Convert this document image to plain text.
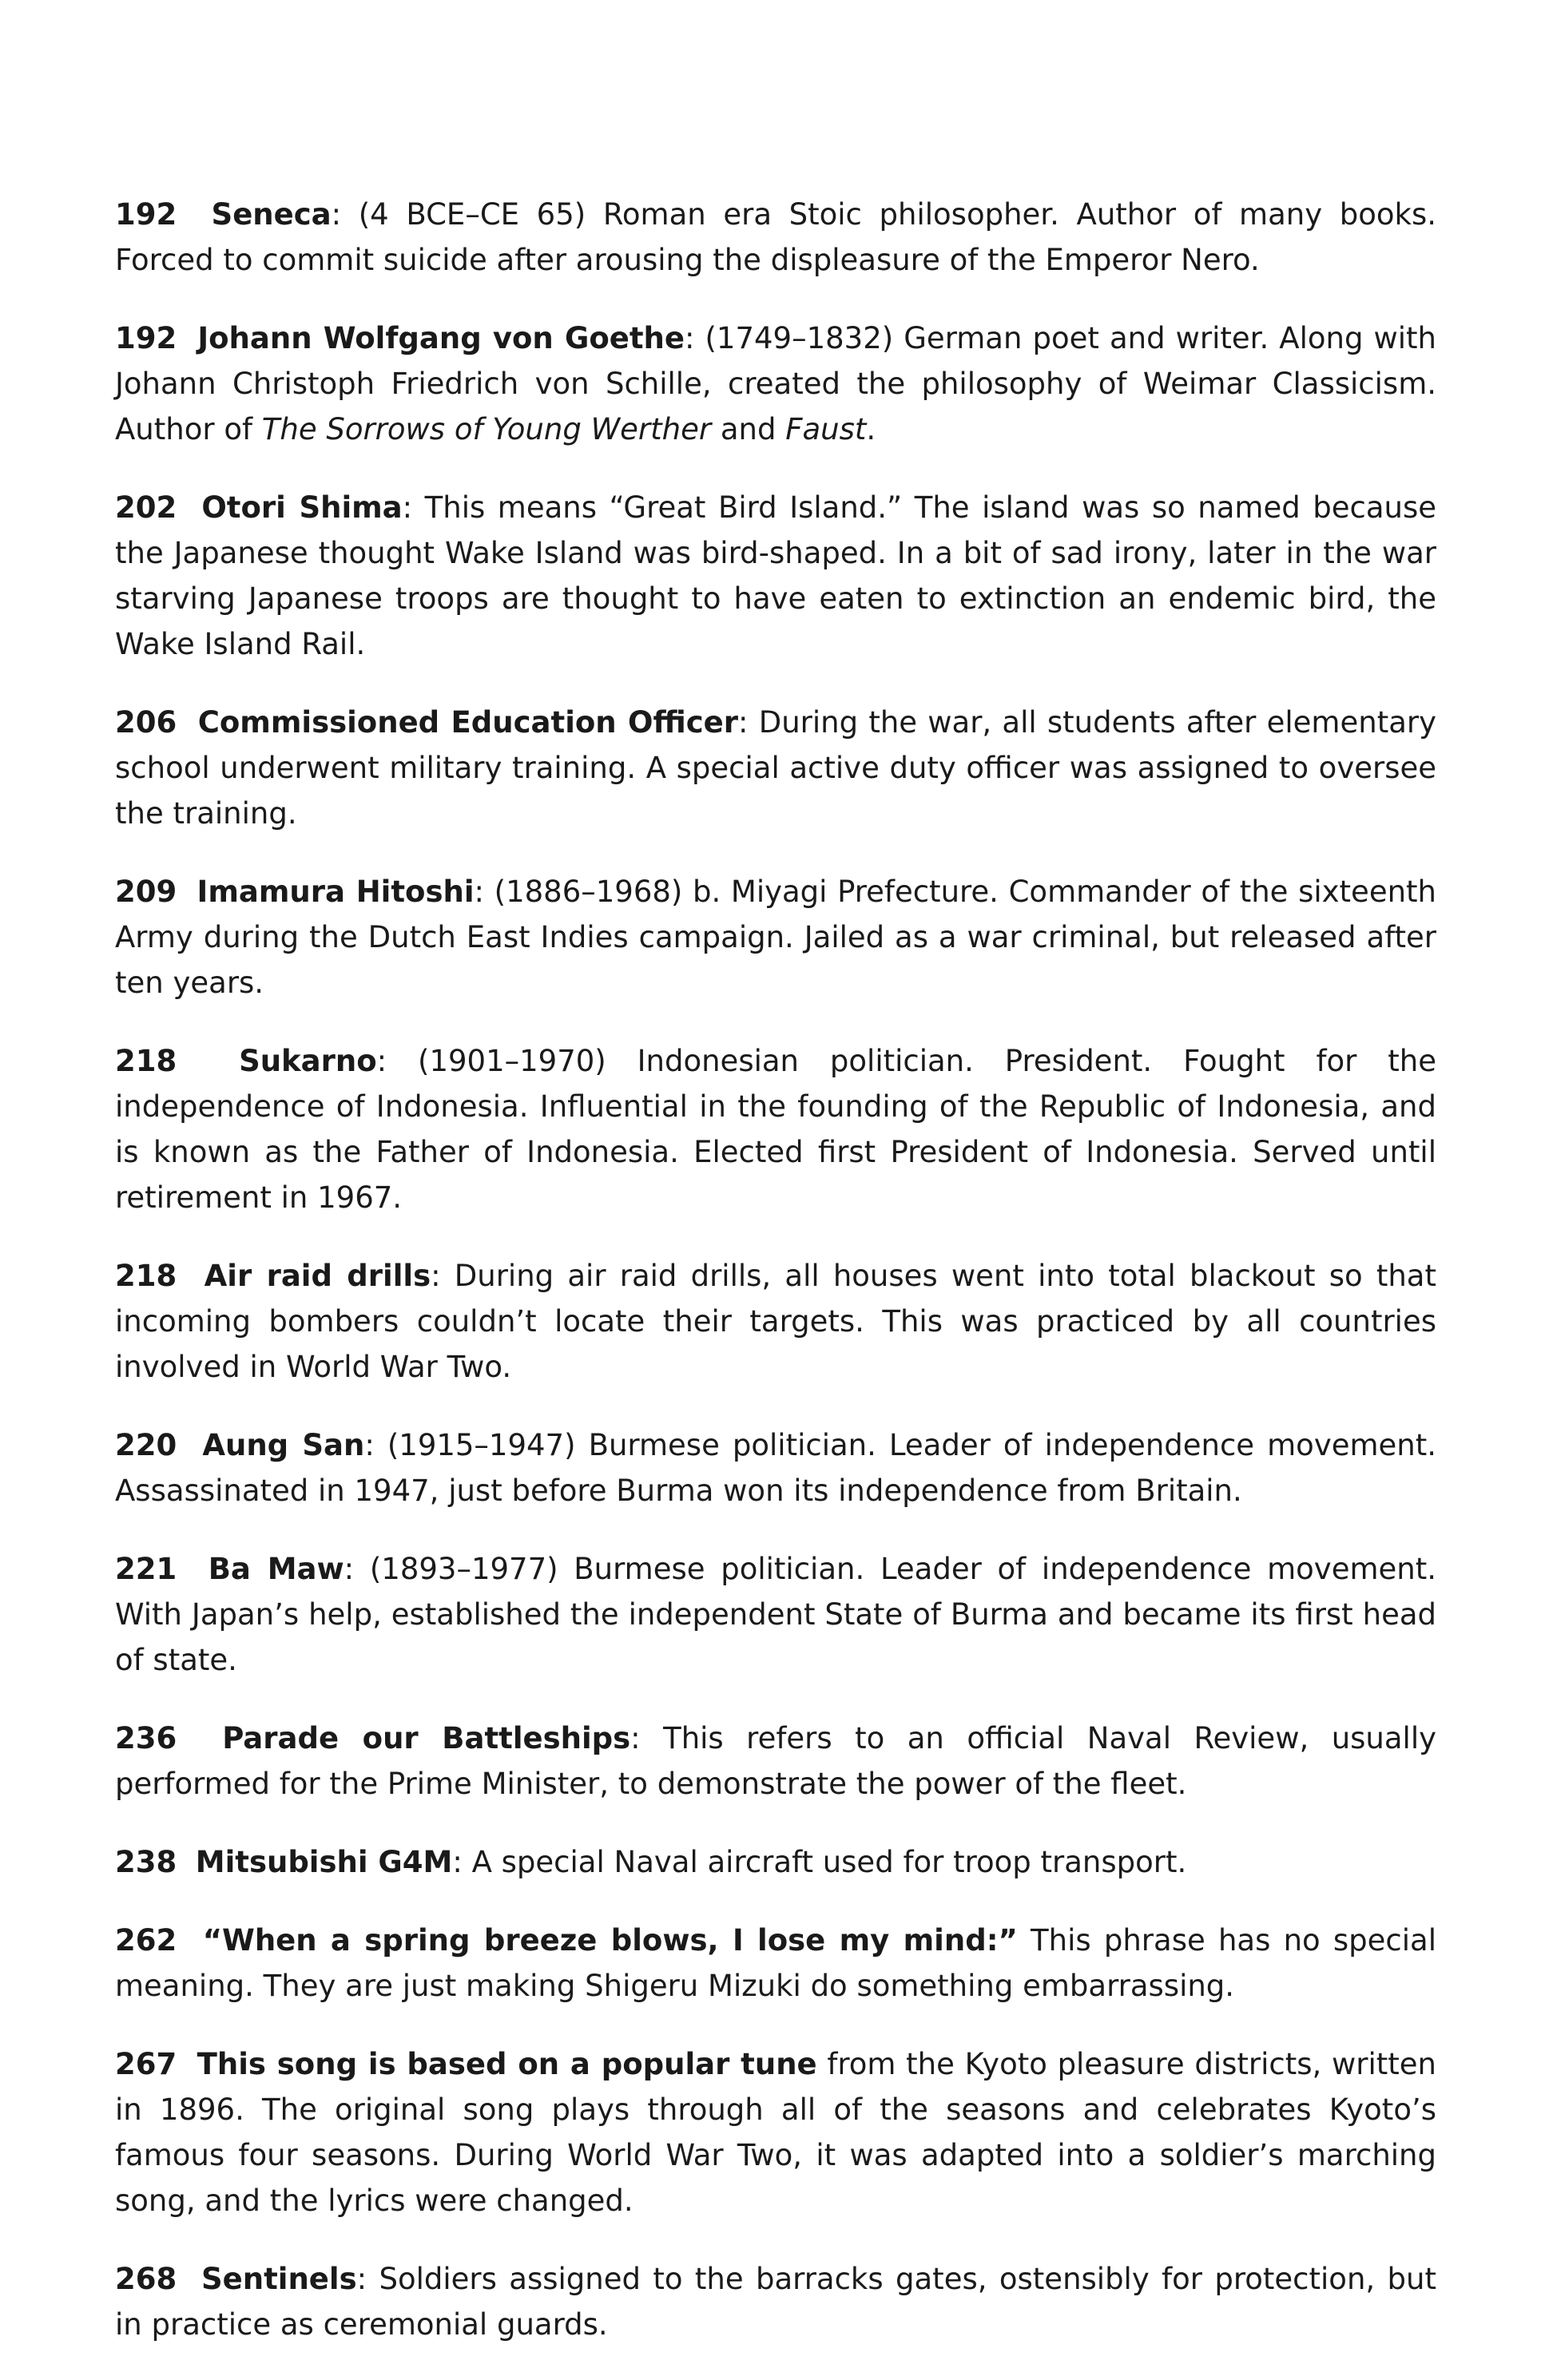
192 Seneca: (4 BCE–CE 65) Roman era Stoic philosopher. Author of many books. Forced to commit suicide after arousing the displeasure of the Emperor Nero.

192 Johann Wolfgang von Goethe: (1749–1832) German poet and writer. Along with Johann Christoph Friedrich von Schille, created the philosophy of Weimar Classicism. Author of The Sorrows of Young Werther and Faust.

202 Otori Shima: This means “Great Bird Island.” The island was so named because the Japanese thought Wake Island was bird-shaped. In a bit of sad irony, later in the war starving Japanese troops are thought to have eaten to extinction an endemic bird, the Wake Island Rail.

206 Commissioned Education Officer: During the war, all students after elementary school underwent military training. A special active duty officer was assigned to oversee the training.

209 Imamura Hitoshi: (1886–1968) b. Miyagi Prefecture. Commander of the sixteenth Army during the Dutch East Indies campaign. Jailed as a war criminal, but released after ten years.

218 Sukarno: (1901–1970) Indonesian politician. President. Fought for the independence of Indonesia. Influential in the founding of the Republic of Indonesia, and is known as the Father of Indonesia. Elected first President of Indonesia. Served until retirement in 1967.

218 Air raid drills: During air raid drills, all houses went into total blackout so that incoming bombers couldn’t locate their targets. This was practiced by all countries involved in World War Two.

220 Aung San: (1915–1947) Burmese politician. Leader of independence movement. Assassinated in 1947, just before Burma won its independence from Britain.

221 Ba Maw: (1893–1977) Burmese politician. Leader of independence movement. With Japan’s help, established the independent State of Burma and became its first head of state.

236 Parade our Battleships: This refers to an official Naval Review, usually performed for the Prime Minister, to demonstrate the power of the fleet.

238 Mitsubishi G4M: A special Naval aircraft used for troop transport.

262 “When a spring breeze blows, I lose my mind:” This phrase has no special meaning. They are just making Shigeru Mizuki do something embarrassing.

267 This song is based on a popular tune from the Kyoto pleasure districts, written in 1896. The original song plays through all of the seasons and celebrates Kyoto’s famous four seasons. During World War Two, it was adapted into a soldier’s marching song, and the lyrics were changed.

268 Sentinels: Soldiers assigned to the barracks gates, ostensibly for protection, but in practice as ceremonial guards.
